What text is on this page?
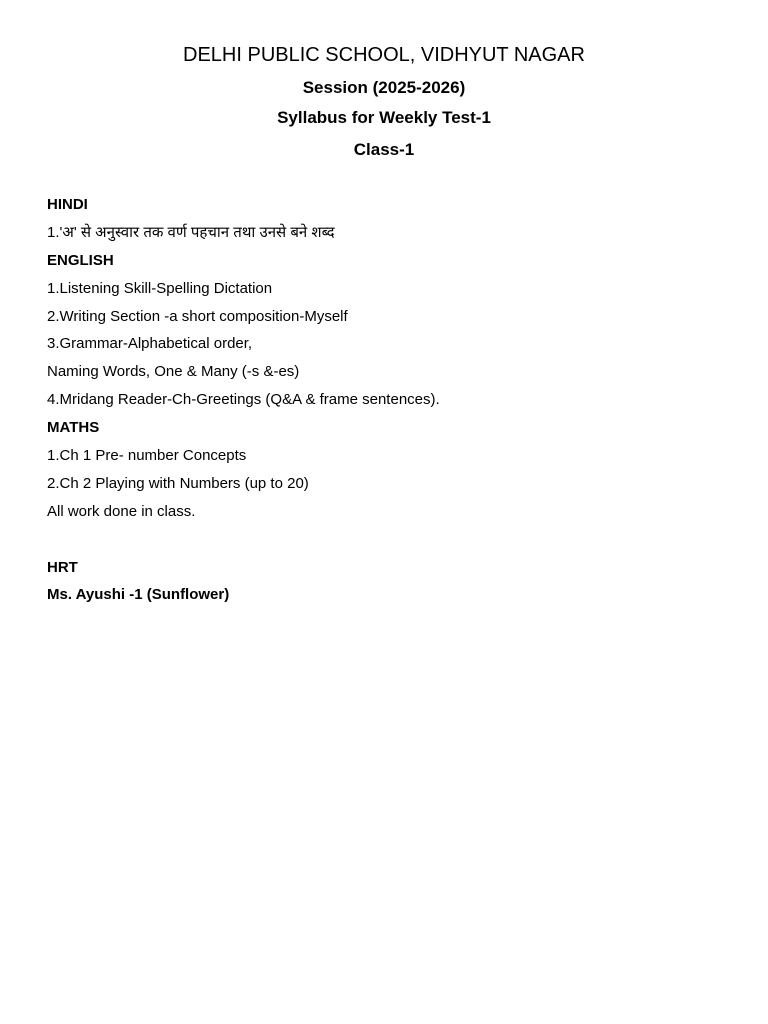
DELHI PUBLIC SCHOOL, VIDHYUT NAGAR
Session (2025-2026)
Syllabus for Weekly Test-1
Class-1
HINDI
1.'अ' से अनुस्वार तक वर्ण पहचान तथा उनसे बने शब्द
ENGLISH
1.Listening Skill-Spelling Dictation
2.Writing Section -a short composition-Myself
3.Grammar-Alphabetical order,
Naming Words, One & Many (-s &-es)
4.Mridang Reader-Ch-Greetings (Q&A & frame sentences).
MATHS
1.Ch 1 Pre- number Concepts
2.Ch 2 Playing with Numbers (up to 20)
All work done in class.
HRT
Ms. Ayushi -1 (Sunflower)
